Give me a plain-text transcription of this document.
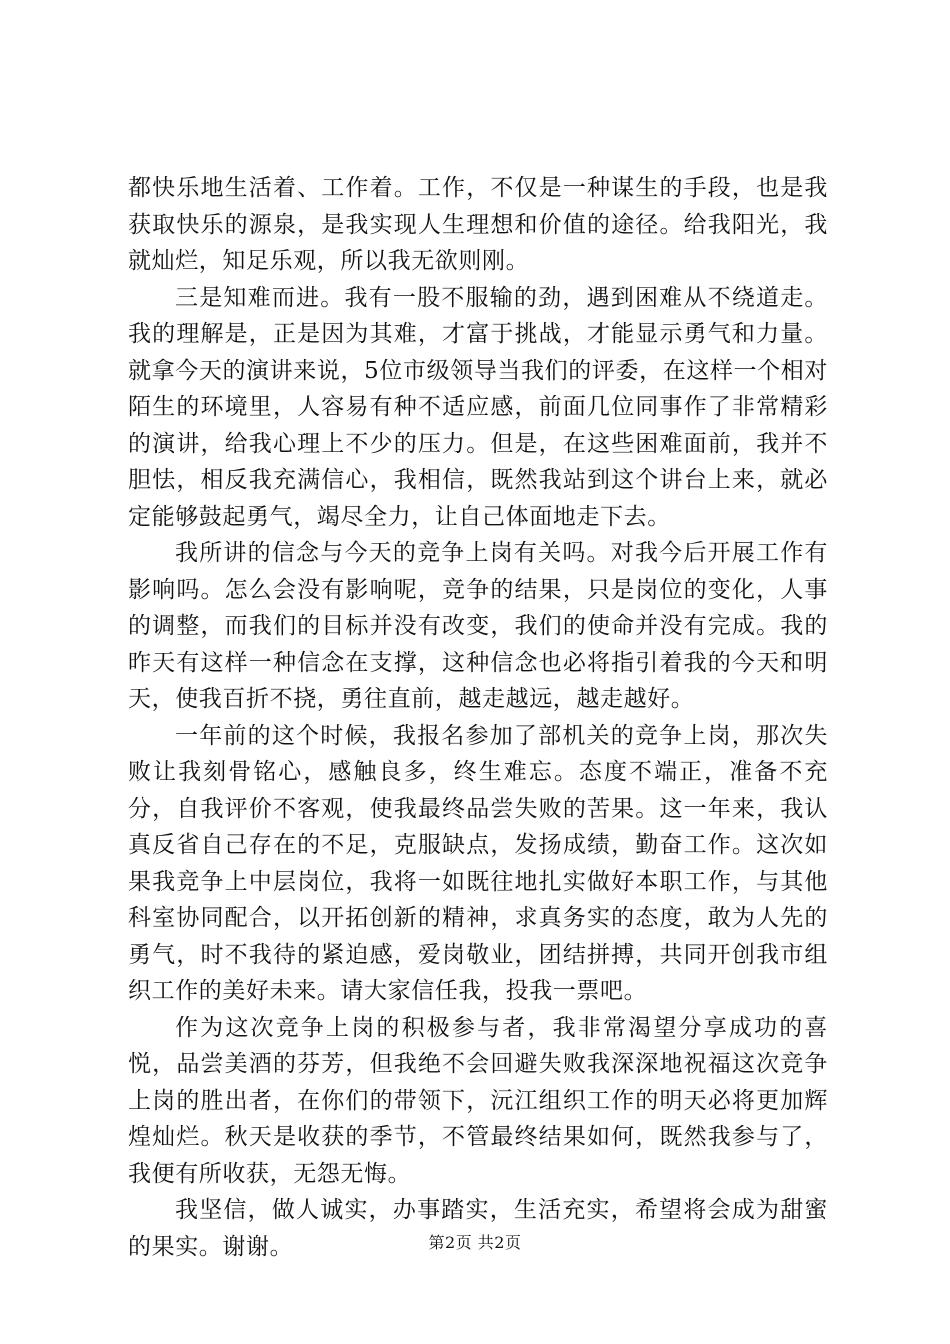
都快乐地生活着、工作着。工作，不仅是一种谋生的手段，也是我获取快乐的源泉，是我实现人生理想和价值的途径。给我阳光，我就灿烂，知足乐观，所以我无欲则刚。

三是知难而进。我有一股不服输的劲，遇到困难从不绕道走。我的理解是，正是因为其难，才富于挑战，才能显示勇气和力量。就拿今天的演讲来说，5位市级领导当我们的评委，在这样一个相对陌生的环境里，人容易有种不适应感，前面几位同事作了非常精彩的演讲，给我心理上不少的压力。但是，在这些困难面前，我并不胆怯，相反我充满信心，我相信，既然我站到这个讲台上来，就必定能够鼓起勇气，竭尽全力，让自己体面地走下去。

我所讲的信念与今天的竞争上岗有关吗。对我今后开展工作有影响吗。怎么会没有影响呢，竞争的结果，只是岗位的变化，人事的调整，而我们的目标并没有改变，我们的使命并没有完成。我的昨天有这样一种信念在支撑，这种信念也必将指引着我的今天和明天，使我百折不挠，勇往直前，越走越远，越走越好。

一年前的这个时候，我报名参加了部机关的竞争上岗，那次失败让我刻骨铭心，感触良多，终生难忘。态度不端正，准备不充分，自我评价不客观，使我最终品尝失败的苦果。这一年来，我认真反省自己存在的不足，克服缺点，发扬成绩，勤奋工作。这次如果我竞争上中层岗位，我将一如既往地扎实做好本职工作，与其他科室协同配合，以开拓创新的精神，求真务实的态度，敢为人先的勇气，时不我待的紧迫感，爱岗敬业，团结拼搏，共同开创我市组织工作的美好未来。请大家信任我，投我一票吧。

作为这次竞争上岗的积极参与者，我非常渴望分享成功的喜悦，品尝美酒的芬芳，但我绝不会回避失败我深深地祝福这次竞争上岗的胜出者，在你们的带领下，沅江组织工作的明天必将更加辉煌灿烂。秋天是收获的季节，不管最终结果如何，既然我参与了，我便有所收获，无怨无悔。

我坚信，做人诚实，办事踏实，生活充实，希望将会成为甜蜜的果实。谢谢。	第2页 共2页
